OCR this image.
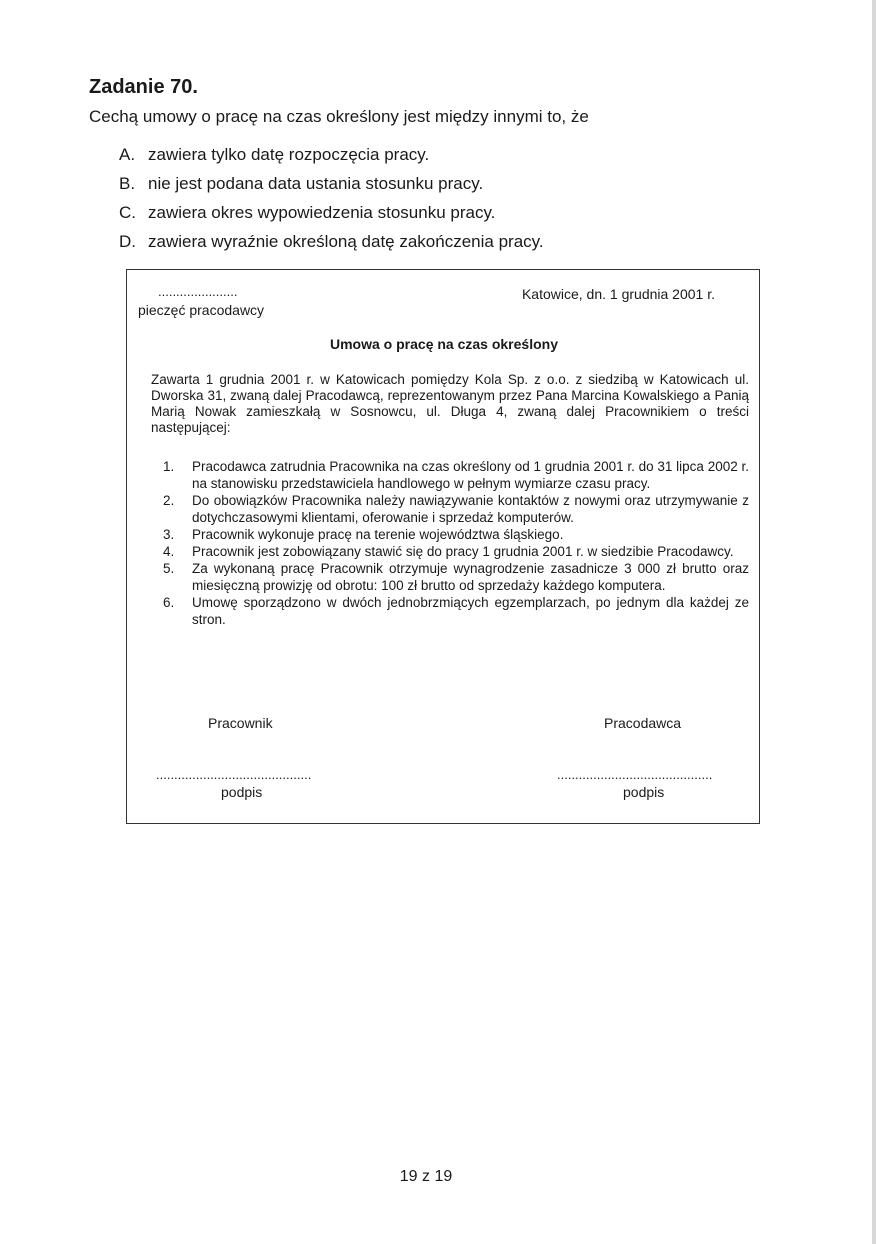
Zadanie 70.
Cechą umowy o pracę na czas określony jest między innymi to, że
A. zawiera tylko datę rozpoczęcia pracy.
B. nie jest podana data ustania stosunku pracy.
C. zawiera okres wypowiedzenia stosunku pracy.
D. zawiera wyraźnie określoną datę zakończenia pracy.
......................
pieczęć pracodawcy
Katowice, dn. 1 grudnia 2001 r.
Umowa o pracę na czas określony
Zawarta 1 grudnia 2001 r. w Katowicach pomiędzy Kola Sp. z o.o. z siedzibą w Katowicach ul. Dworska 31, zwaną dalej Pracodawcą, reprezentowanym przez Pana Marcina Kowalskiego a Panią Marią Nowak zamieszkałą w Sosnowcu, ul. Długa 4, zwaną dalej Pracownikiem o treści następującej:
1.	Pracodawca zatrudnia Pracownika na czas określony od 1 grudnia 2001 r. do 31 lipca 2002 r. na stanowisku przedstawiciela handlowego w pełnym wymiarze czasu pracy.
2.	Do obowiązków Pracownika należy nawiązywanie kontaktów z nowymi oraz utrzymywanie z dotychczasowymi klientami, oferowanie i sprzedaż komputerów.
3.	Pracownik wykonuje pracę na terenie województwa śląskiego.
4.	Pracownik jest zobowiązany stawić się do pracy 1 grudnia 2001 r. w siedzibie Pracodawcy.
5.	Za wykonaną pracę Pracownik otrzymuje wynagrodzenie zasadnicze 3 000 zł brutto oraz miesięczną prowizję od obrotu: 100 zł brutto od sprzedaży każdego komputera.
6.	Umowę sporządzono w dwóch jednobrzmiących egzemplarzach, po jednym dla każdej ze stron.
Pracownik	Pracodawca
...........................................	...........................................
podpis	podpis
19 z 19
